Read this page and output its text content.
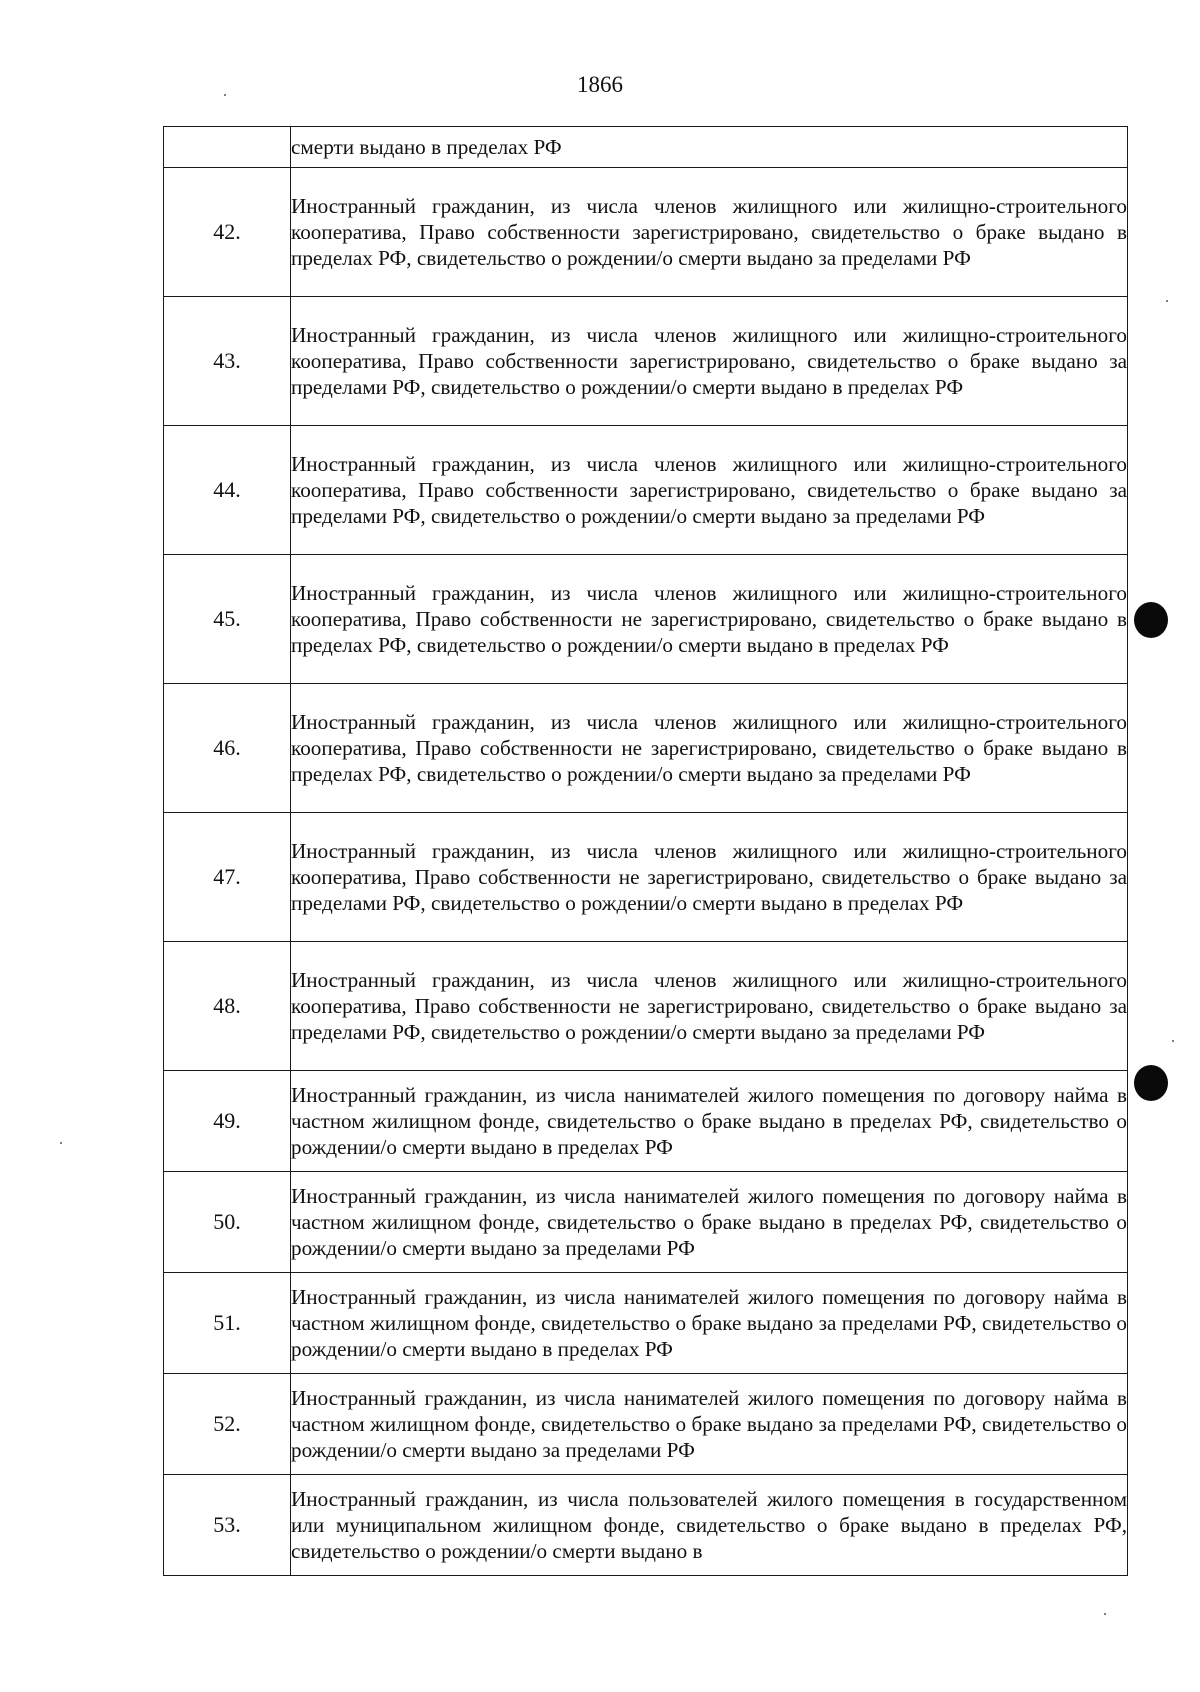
1866
	смерти выдано в пределах РФ
42.	Иностранный гражданин, из числа членов жилищного или жилищно-строительного кооператива, Право собственности зарегистрировано, свидетельство о браке выдано в пределах РФ, свидетельство о рождении/о смерти выдано за пределами РФ
43.	Иностранный гражданин, из числа членов жилищного или жилищно-строительного кооператива, Право собственности зарегистрировано, свидетельство о браке выдано за пределами РФ, свидетельство о рождении/о смерти выдано в пределах РФ
44.	Иностранный гражданин, из числа членов жилищного или жилищно-строительного кооператива, Право собственности зарегистрировано, свидетельство о браке выдано за пределами РФ, свидетельство о рождении/о смерти выдано за пределами РФ
45.	Иностранный гражданин, из числа членов жилищного или жилищно-строительного кооператива, Право собственности не зарегистрировано, свидетельство о браке выдано в пределах РФ, свидетельство о рождении/о смерти выдано в пределах РФ
46.	Иностранный гражданин, из числа членов жилищного или жилищно-строительного кооператива, Право собственности не зарегистрировано, свидетельство о браке выдано в пределах РФ, свидетельство о рождении/о смерти выдано за пределами РФ
47.	Иностранный гражданин, из числа членов жилищного или жилищно-строительного кооператива, Право собственности не зарегистрировано, свидетельство о браке выдано за пределами РФ, свидетельство о рождении/о смерти выдано в пределах РФ
48.	Иностранный гражданин, из числа членов жилищного или жилищно-строительного кооператива, Право собственности не зарегистрировано, свидетельство о браке выдано за пределами РФ, свидетельство о рождении/о смерти выдано за пределами РФ
49.	Иностранный гражданин, из числа нанимателей жилого помещения по договору найма в частном жилищном фонде, свидетельство о браке выдано в пределах РФ, свидетельство о рождении/о смерти выдано в пределах РФ
50.	Иностранный гражданин, из числа нанимателей жилого помещения по договору найма в частном жилищном фонде, свидетельство о браке выдано в пределах РФ, свидетельство о рождении/о смерти выдано за пределами РФ
51.	Иностранный гражданин, из числа нанимателей жилого помещения по договору найма в частном жилищном фонде, свидетельство о браке выдано за пределами РФ, свидетельство о рождении/о смерти выдано в пределах РФ
52.	Иностранный гражданин, из числа нанимателей жилого помещения по договору найма в частном жилищном фонде, свидетельство о браке выдано за пределами РФ, свидетельство о рождении/о смерти выдано за пределами РФ
53.	Иностранный гражданин, из числа пользователей жилого помещения в государственном или муниципальном жилищном фонде, свидетельство о браке выдано в пределах РФ, свидетельство о рождении/о смерти выдано в
